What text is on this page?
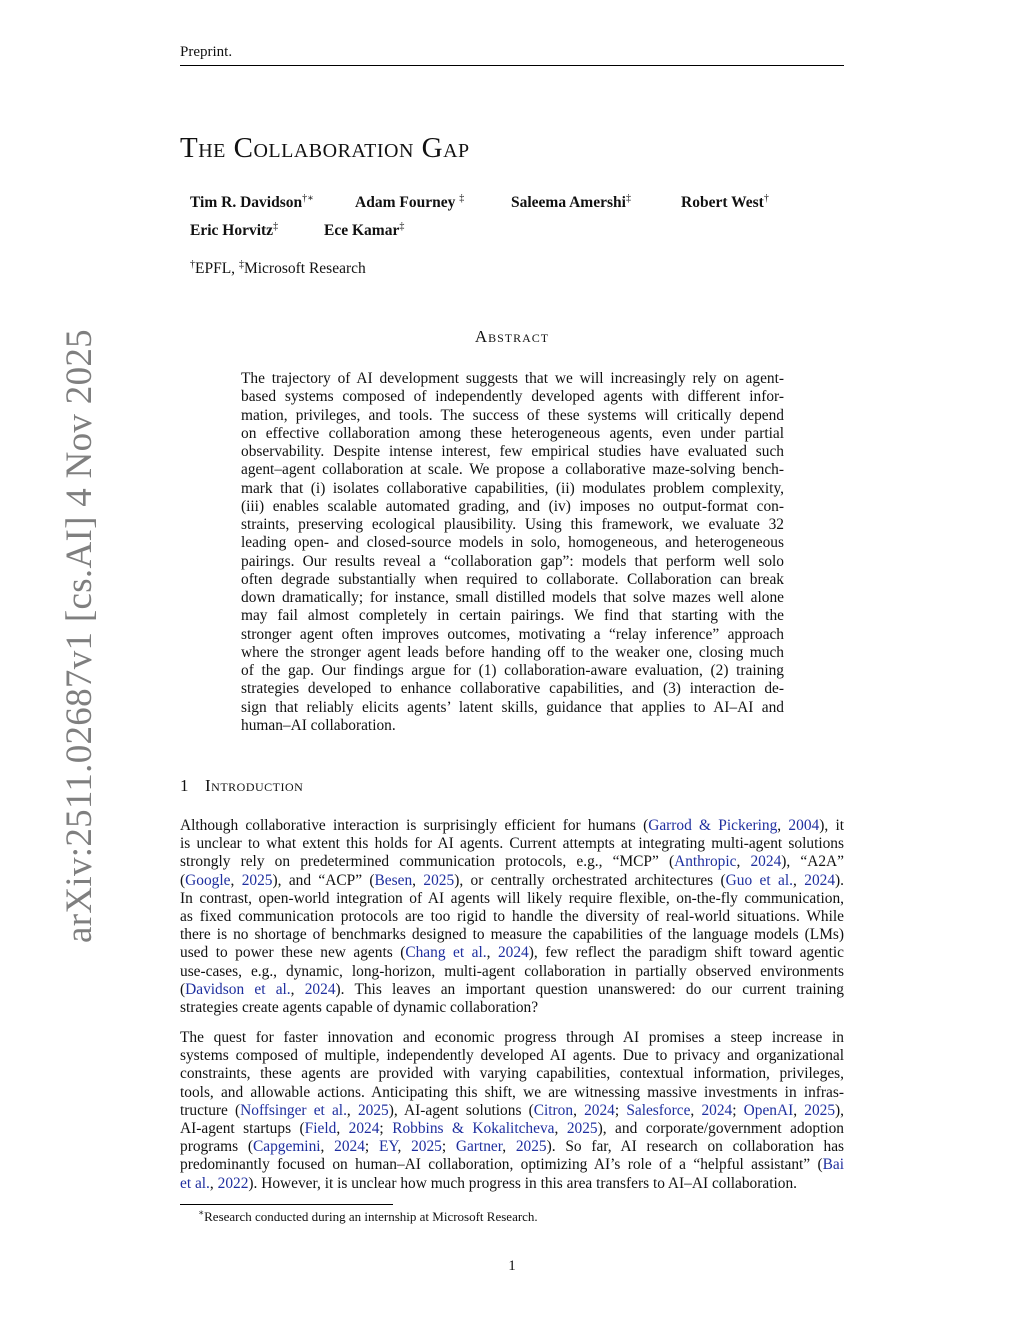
Preprint.
arXiv:2511.02687v1 [cs.AI] 4 Nov 2025
The Collaboration Gap
Tim R. Davidson†∗	Adam Fourney ‡	Saleema Amershi‡	Robert West†
Eric Horvitz‡	Ece Kamar‡
†EPFL, ‡Microsoft Research
Abstract
The trajectory of AI development suggests that we will increasingly rely on agent-
based systems composed of independently developed agents with different infor-
mation, privileges, and tools. The success of these systems will critically depend
on effective collaboration among these heterogeneous agents, even under partial
observability. Despite intense interest, few empirical studies have evaluated such
agent–agent collaboration at scale. We propose a collaborative maze-solving bench-
mark that (i) isolates collaborative capabilities, (ii) modulates problem complexity,
(iii) enables scalable automated grading, and (iv) imposes no output-format con-
straints, preserving ecological plausibility. Using this framework, we evaluate 32
leading open- and closed-source models in solo, homogeneous, and heterogeneous
pairings. Our results reveal a “collaboration gap”: models that perform well solo
often degrade substantially when required to collaborate. Collaboration can break
down dramatically; for instance, small distilled models that solve mazes well alone
may fail almost completely in certain pairings. We find that starting with the
stronger agent often improves outcomes, motivating a “relay inference” approach
where the stronger agent leads before handing off to the weaker one, closing much
of the gap. Our findings argue for (1) collaboration-aware evaluation, (2) training
strategies developed to enhance collaborative capabilities, and (3) interaction de-
sign that reliably elicits agents’ latent skills, guidance that applies to AI–AI and
human–AI collaboration.
1 Introduction
Although collaborative interaction is surprisingly efficient for humans (Garrod & Pickering, 2004), it
is unclear to what extent this holds for AI agents. Current attempts at integrating multi-agent solutions
strongly rely on predetermined communication protocols, e.g., “MCP” (Anthropic, 2024), “A2A”
(Google, 2025), and “ACP” (Besen, 2025), or centrally orchestrated architectures (Guo et al., 2024).
In contrast, open-world integration of AI agents will likely require flexible, on-the-fly communication,
as fixed communication protocols are too rigid to handle the diversity of real-world situations. While
there is no shortage of benchmarks designed to measure the capabilities of the language models (LMs)
used to power these new agents (Chang et al., 2024), few reflect the paradigm shift toward agentic
use-cases, e.g., dynamic, long-horizon, multi-agent collaboration in partially observed environments
(Davidson et al., 2024). This leaves an important question unanswered: do our current training
strategies create agents capable of dynamic collaboration?
The quest for faster innovation and economic progress through AI promises a steep increase in
systems composed of multiple, independently developed AI agents. Due to privacy and organizational
constraints, these agents are provided with varying capabilities, contextual information, privileges,
tools, and allowable actions. Anticipating this shift, we are witnessing massive investments in infras-
tructure (Noffsinger et al., 2025), AI-agent solutions (Citron, 2024; Salesforce, 2024; OpenAI, 2025),
AI-agent startups (Field, 2024; Robbins & Kokalitcheva, 2025), and corporate/government adoption
programs (Capgemini, 2024; EY, 2025; Gartner, 2025). So far, AI research on collaboration has
predominantly focused on human–AI collaboration, optimizing AI’s role of a “helpful assistant” (Bai
et al., 2022). However, it is unclear how much progress in this area transfers to AI–AI collaboration.
∗Research conducted during an internship at Microsoft Research.
1
